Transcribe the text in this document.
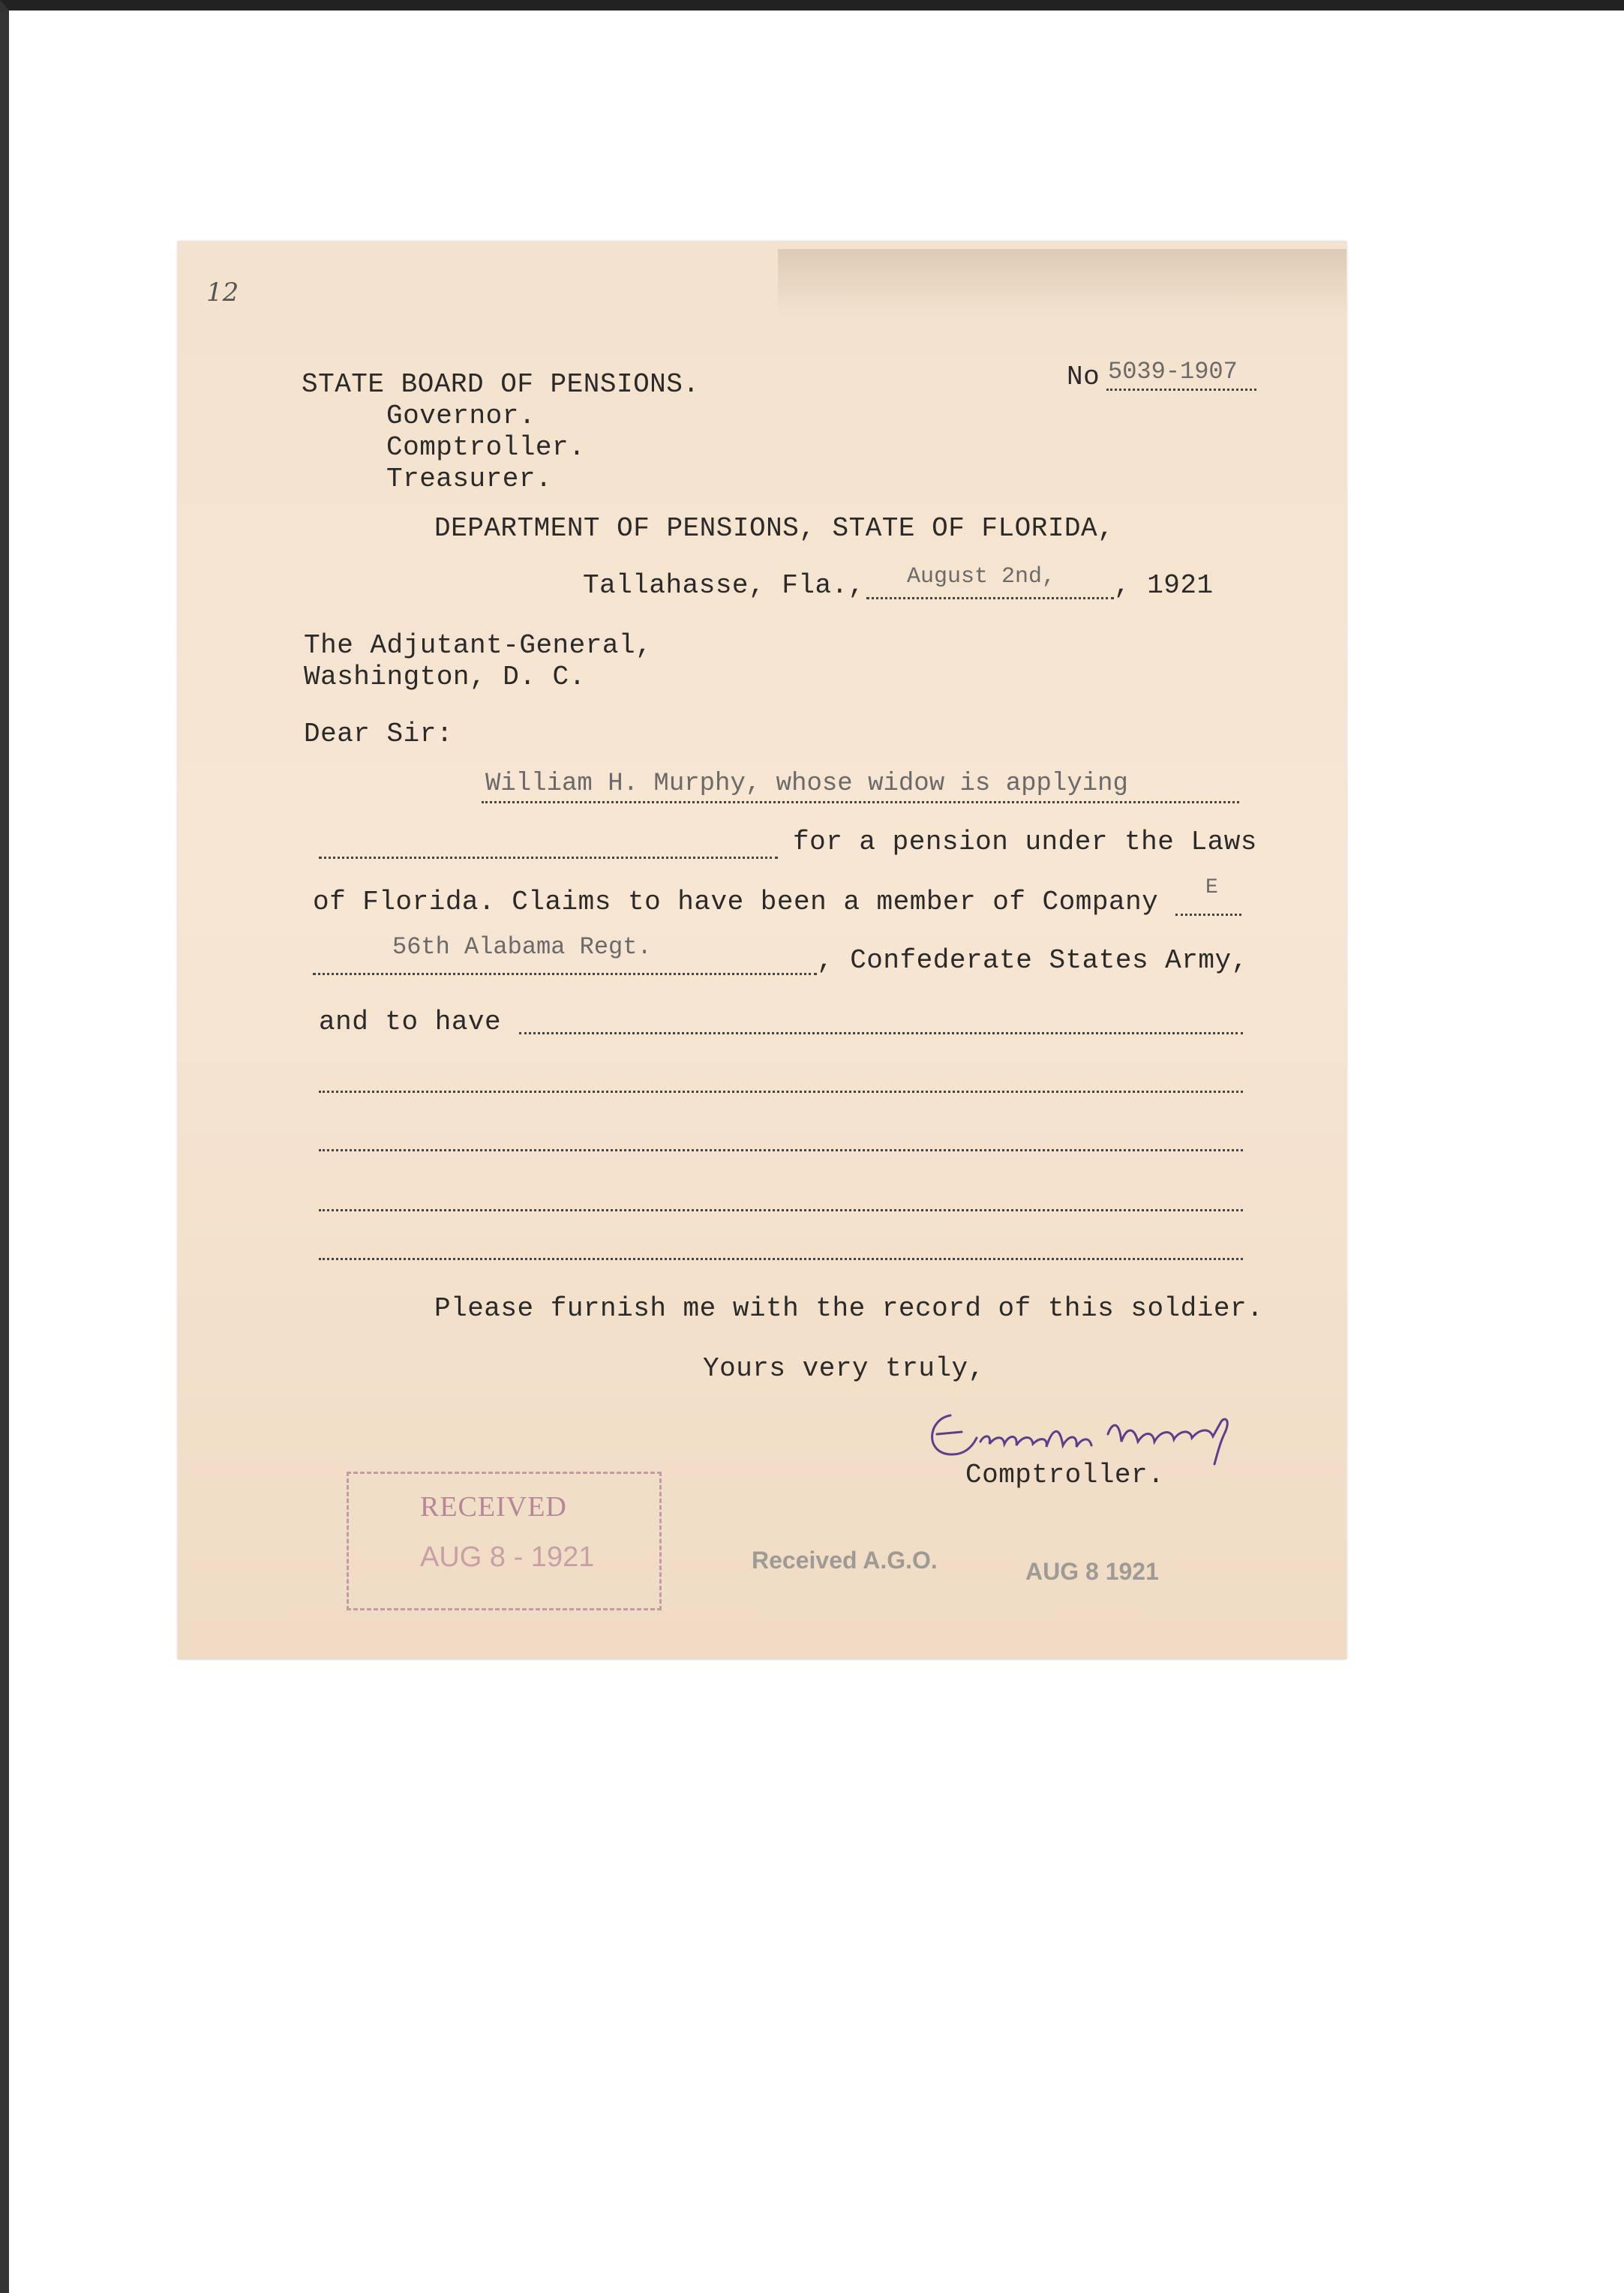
12
STATE BOARD OF PENSIONS.
Governor.
Comptroller.
Treasurer.
No 5039-1907
DEPARTMENT OF PENSIONS, STATE OF FLORIDA,
Tallahasse, Fla., August 2nd, , 1921
The Adjutant-General,
Washington, D. C.
Dear Sir:
William H. Murphy, whose widow is applying
for a pension under the Laws
of Florida. Claims to have been a member of Company E
56th Alabama Regt.	, Confederate States Army,
and to have
Please furnish me with the record of this soldier.
Yours very truly,
Comptroller.
RECEIVED
AUG 8 - 1921	Received A.G.O.	AUG 8 1921
